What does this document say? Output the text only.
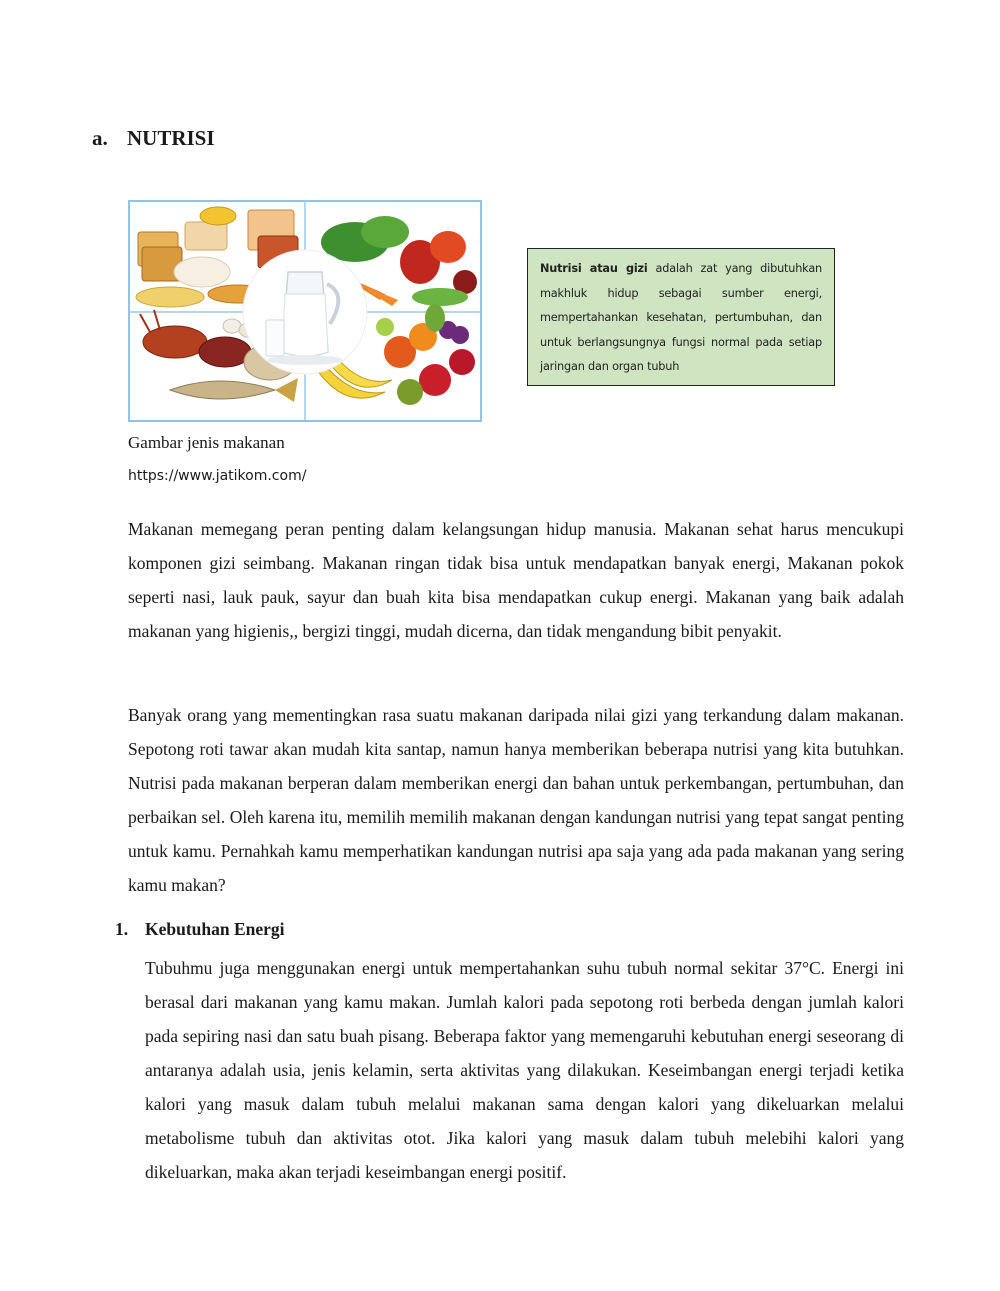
a. NUTRISI
Nutrisi atau gizi adalah zat yang dibutuhkan makhluk hidup sebagai sumber energi, mempertahankan kesehatan, pertumbuhan, dan untuk berlangsungnya fungsi normal pada setiap jaringan dan organ tubuh

Gambar jenis makanan

https://www.jatikom.com/

Makanan memegang peran penting dalam kelangsungan hidup manusia. Makanan sehat harus mencukupi komponen gizi seimbang. Makanan ringan tidak bisa untuk mendapatkan banyak energi, Makanan pokok seperti nasi, lauk pauk, sayur dan buah kita bisa mendapatkan cukup energi. Makanan yang baik adalah makanan yang higienis,, bergizi tinggi, mudah dicerna, dan tidak mengandung bibit penyakit.

Banyak orang yang mementingkan rasa suatu makanan daripada nilai gizi yang terkandung dalam makanan. Sepotong roti tawar akan mudah kita santap, namun hanya memberikan beberapa nutrisi yang kita butuhkan. Nutrisi pada makanan berperan dalam memberikan energi dan bahan untuk perkembangan, pertumbuhan, dan perbaikan sel. Oleh karena itu, memilih memilih makanan dengan kandungan nutrisi yang tepat sangat penting untuk kamu. Pernahkah kamu memperhatikan kandungan nutrisi apa saja yang ada pada makanan yang sering kamu makan?

1. Kebutuhan Energi

Tubuhmu juga menggunakan energi untuk mempertahankan suhu tubuh normal sekitar 37°C. Energi ini berasal dari makanan yang kamu makan. Jumlah kalori pada sepotong roti berbeda dengan jumlah kalori pada sepiring nasi dan satu buah pisang. Beberapa faktor yang memengaruhi kebutuhan energi seseorang di antaranya adalah usia, jenis kelamin, serta aktivitas yang dilakukan. Keseimbangan energi terjadi ketika kalori yang masuk dalam tubuh melalui makanan sama dengan kalori yang dikeluarkan melalui metabolisme tubuh dan aktivitas otot. Jika kalori yang masuk dalam tubuh melebihi kalori yang dikeluarkan, maka akan terjadi keseimbangan energi positif.
